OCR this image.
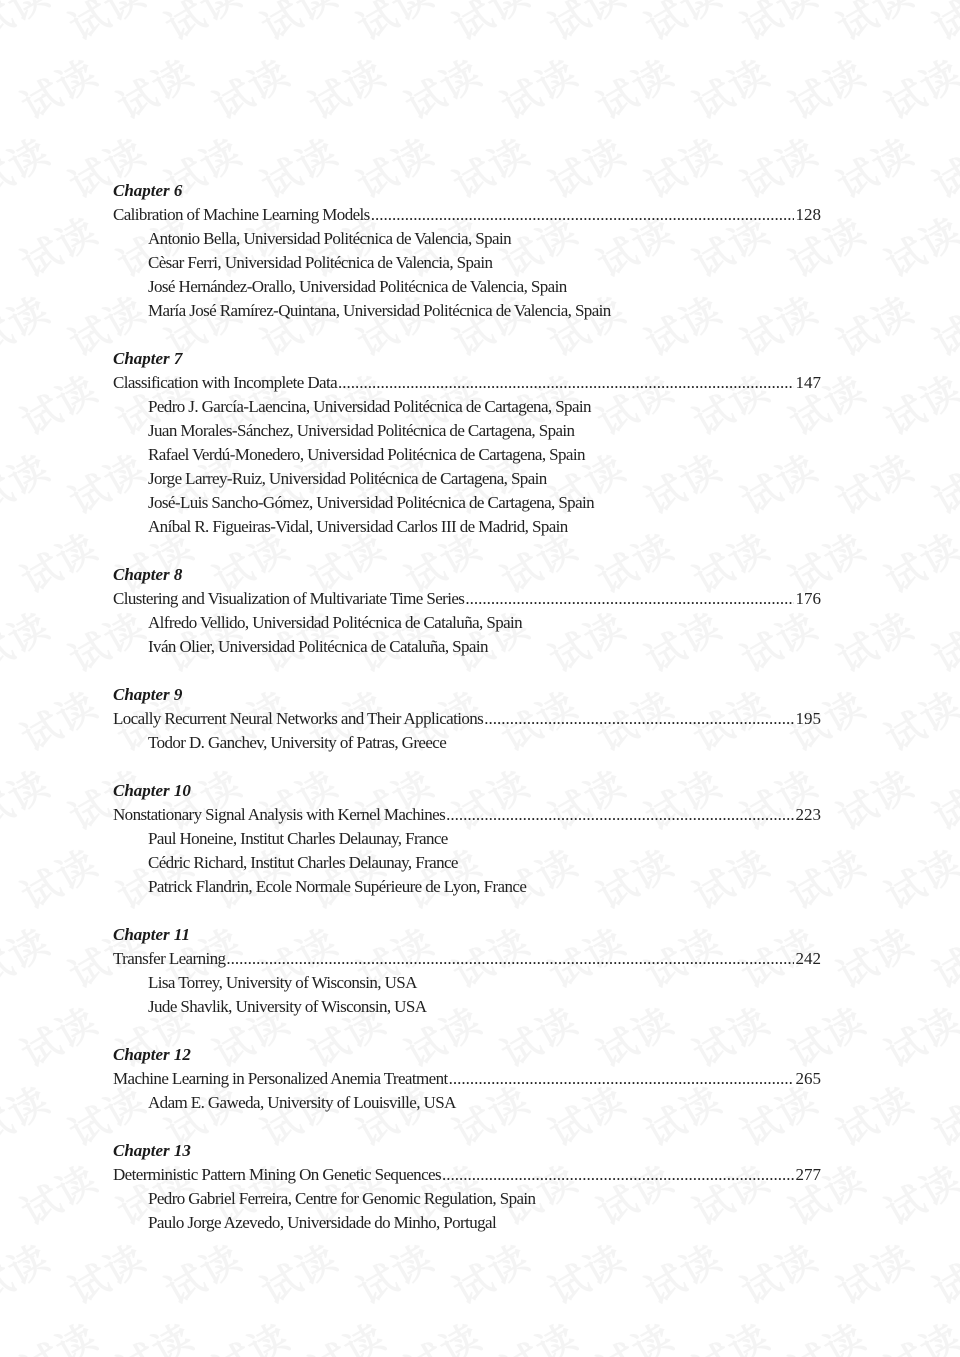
Chapter 6
Calibration of Machine Learning Models .....	128
Antonio Bella, Universidad Politécnica de Valencia, Spain
Cèsar Ferri, Universidad Politécnica de Valencia, Spain
José Hernández-Orallo, Universidad Politécnica de Valencia, Spain
María José Ramírez-Quintana, Universidad Politécnica de Valencia, Spain
Chapter 7
Classification with Incomplete Data .....	147
Pedro J. García-Laencina, Universidad Politécnica de Cartagena, Spain
Juan Morales-Sánchez, Universidad Politécnica de Cartagena, Spain
Rafael Verdú-Monedero, Universidad Politécnica de Cartagena, Spain
Jorge Larrey-Ruiz, Universidad Politécnica de Cartagena, Spain
José-Luis Sancho-Gómez, Universidad Politécnica de Cartagena, Spain
Aníbal R. Figueiras-Vidal, Universidad Carlos III de Madrid, Spain
Chapter 8
Clustering and Visualization of Multivariate Time Series .....	176
Alfredo Vellido, Universidad Politécnica de Cataluña, Spain
Iván Olier, Universidad Politécnica de Cataluña, Spain
Chapter 9
Locally Recurrent Neural Networks and Their Applications .....	195
Todor D. Ganchev, University of Patras, Greece
Chapter 10
Nonstationary Signal Analysis with Kernel Machines .....	223
Paul Honeine, Institut Charles Delaunay, France
Cédric Richard, Institut Charles Delaunay, France
Patrick Flandrin, Ecole Normale Supérieure de Lyon, France
Chapter 11
Transfer Learning .....	242
Lisa Torrey, University of Wisconsin, USA
Jude Shavlik, University of Wisconsin, USA
Chapter 12
Machine Learning in Personalized Anemia Treatment .....	265
Adam E. Gaweda, University of Louisville, USA
Chapter 13
Deterministic Pattern Mining On Genetic Sequences .....	277
Pedro Gabriel Ferreira, Centre for Genomic Regulation, Spain
Paulo Jorge Azevedo, Universidade do Minho, Portugal
